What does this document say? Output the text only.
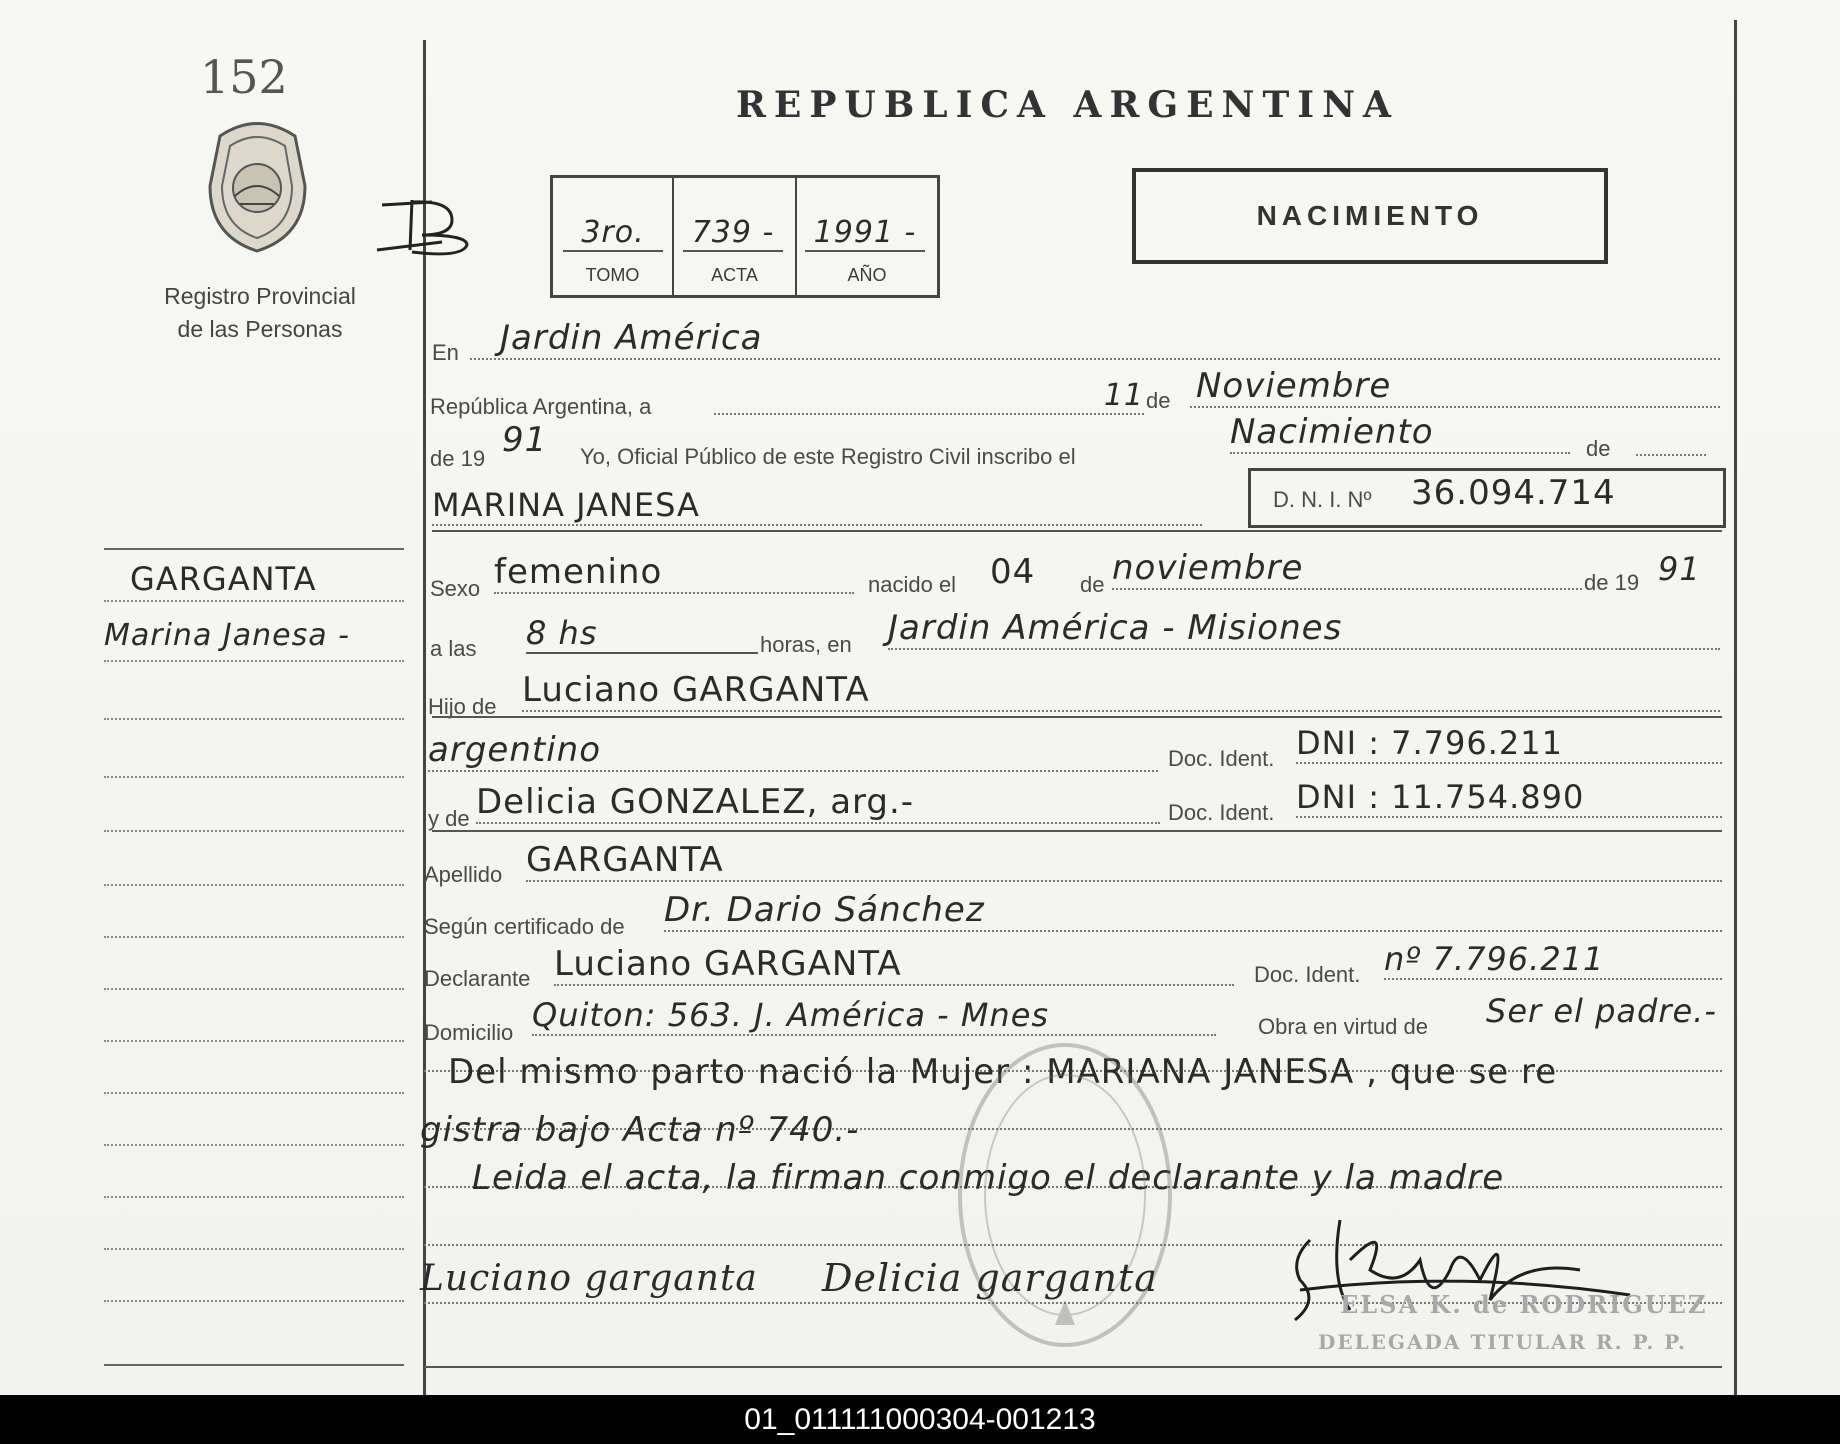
152
Registro Provincial
de las Personas
REPUBLICA ARGENTINA
3ro.	739 - 1991 -
TOMO	ACTA	AÑO
NACIMIENTO
GARGANTA
Marina Janesa -
En	Jardin América
República Argentina, a	11 de Noviembre
de 19 91 Yo, Oficial Público de este Registro Civil inscribo el
Nacimiento	de
MARINA JANESA	D. N. I. Nº 36.094.714
Sexo femenino	nacido el 04 de noviembre	de 19 91
a las 8 hs	horas, en Jardin América - Misiones
Hijo de Luciano GARGANTA
argentino	Doc. Ident. DNI : 7.796.211
y de Delicia GONZALEZ, arg.-	Doc. Ident. DNI : 11.754.890
Apellido GARGANTA
Según certificado de Dr. Dario Sánchez
Declarante Luciano GARGANTA	Doc. Ident. nº 7.796.211
Domicilio Quiton: 563. J. América - Mnes	Obra en virtud de Ser el padre.-
Del mismo parto nació la Mujer : MARIANA JANESA , que se re
gistra bajo Acta nº 740.-
Leida el acta, la firman conmigo el declarante y la madre
Luciano garganta Delicia garganta
ELSA K. de RODRIGUEZ
DELEGADA TITULAR R. P. P.
01_011111000304-001213
